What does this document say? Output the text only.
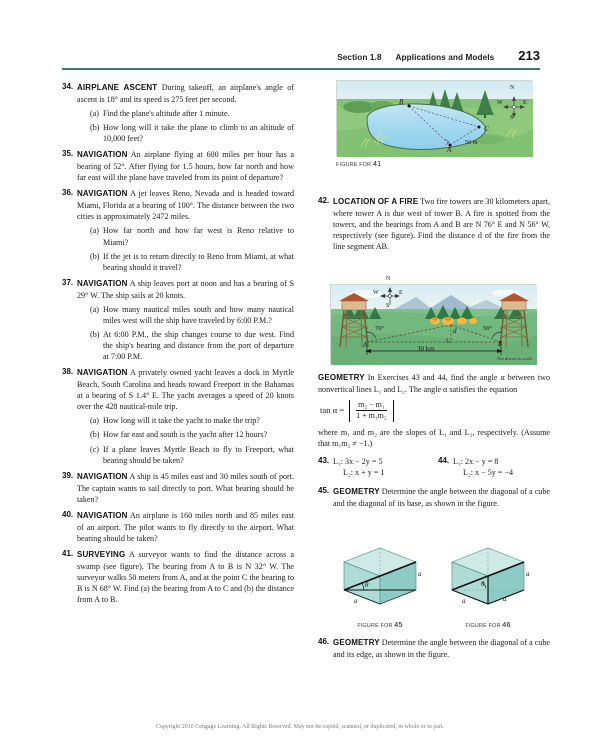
Section 1.8 Applications and Models 213
34. AIRPLANE ASCENT During takeoff, an airplane's angle of ascent is 18° and its speed is 275 feet per second.
(a) Find the plane's altitude after 1 minute.
(b) How long will it take the plane to climb to an altitude of 10,000 feet?
35. NAVIGATION An airplane flying at 600 miles per hour has a bearing of 52°. After flying for 1.5 hours, how far north and how far east will the plane have traveled from its point of departure?
36. NAVIGATION A jet leaves Reno, Nevada and is headed toward Miami, Florida at a bearing of 100°. The distance between the two cities is approximately 2472 miles.
(a) How far north and how far west is Reno relative to Miami?
(b) If the jet is to return directly to Reno from Miami, at what bearing should it travel?
37. NAVIGATION A ship leaves port at noon and has a bearing of S 29° W. The ship sails at 20 knots.
(a) How many nautical miles south and how many nautical miles west will the ship have traveled by 6:00 P.M.?
(b) At 6:00 P.M., the ship changes course to due west. Find the ship's bearing and distance from the port of departure at 7:00 P.M.
38. NAVIGATION A privately owned yacht leaves a dock in Myrtle Beach, South Carolina and heads toward Freeport in the Bahamas at a bearing of S 1.4° E. The yacht averages a speed of 20 knots over the 428 nautical-mile trip.
(a) How long will it take the yacht to make the trip?
(b) How far east and south is the yacht after 12 hours?
(c) If a plane leaves Myrtle Beach to fly to Freeport, what bearing should be taken?
39. NAVIGATION A ship is 45 miles east and 30 miles south of port. The captain wants to sail directly to port. What bearing should be taken?
40. NAVIGATION An airplane is 160 miles north and 85 miles east of an airport. The pilot wants to fly directly to the airport. What bearing should be taken?
41. SURVEYING A surveyor wants to find the distance across a swamp (see figure). The bearing from A to B is N 32° W. The surveyor walks 50 meters from A, and at the point C the bearing to B is N 68° W. Find (a) the bearing from A to C and (b) the distance from A to B.
B
A
C
50 m
N
S
W	E
FIGURE FOR 41
42. LOCATION OF A FIRE Two fire towers are 30 kilometers apart, where tower A is due west of tower B. A fire is spotted from the towers, and the bearings from A and B are N 76° E and N 56° W, respectively (see figure). Find the distance d of the fire from the line segment AB.
N
S
W	E
76°	56°
d
A	B
30 km
Not drawn to scale
GEOMETRY In Exercises 43 and 44, find the angle α between two nonvertical lines L₁ and L₂. The angle α satisfies the equation
$\tan \alpha = \frac{\text{m₂ − m₁}}{\text{1 + m₁m₂}}$
where m₁ and m₂ are the slopes of L₁ and L₂, respectively. (Assume that m₁m₂ ≠ −1.)
43. L₁: 3x − 2y = 5
L₂: x + y = 1
44. L₁: 2x − y = 8
L₂: x − 5y = −4
45. GEOMETRY Determine the angle between the diagonal of a cube and the diagonal of its base, as shown in the figure.
θ
a
a
FIGURE FOR 45
θ
a
a	a
FIGURE FOR 46
46. GEOMETRY Determine the angle between the diagonal of a cube and its edge, as shown in the figure.
Copyright 2010 Cengage Learning. All Rights Reserved. May not be copied, scanned, or duplicated, in whole or in part.
